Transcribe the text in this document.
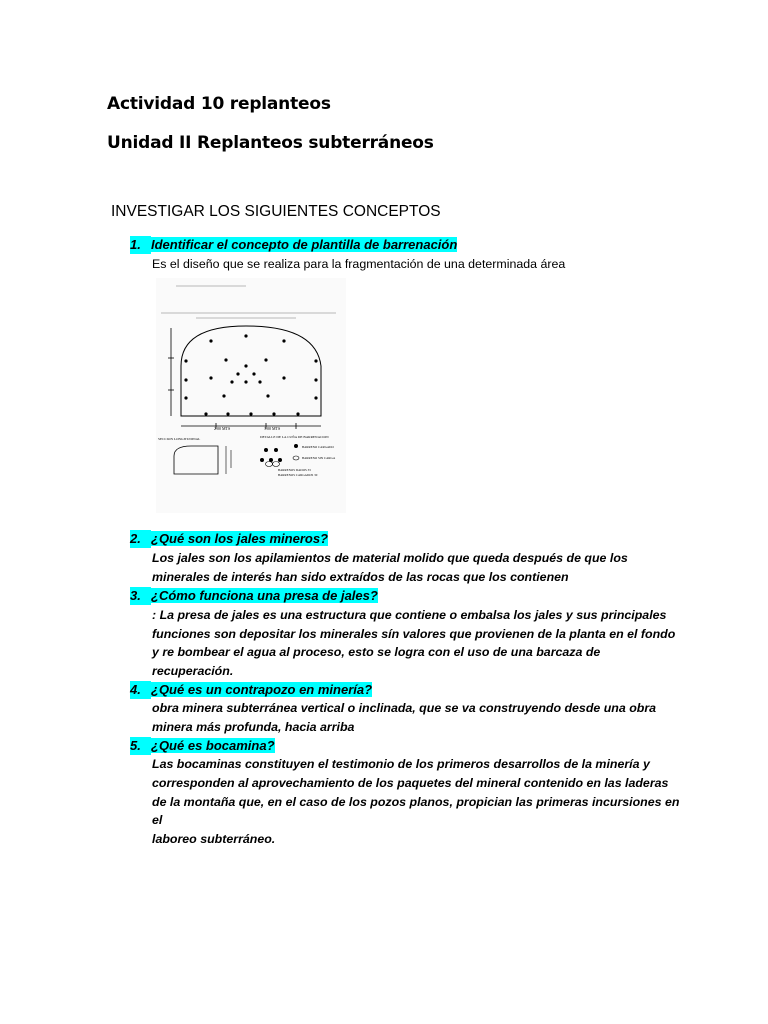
Actividad 10 replanteos
Unidad II Replanteos subterráneos
INVESTIGAR LOS SIGUIENTES CONCEPTOS
1. Identificar el concepto de plantilla de barrenación
Es el diseño que se realiza para la fragmentación de una determinada área
2.00 MTS	1.00 MTS
SECCION LONGITUDINAL	DETALLE DE LA CUÑA DE BARRENACION
BARRENO CARGADO
BARRENO SIN CARGA
BARRENOS DADOS 33
BARRENOS CARGADOS 30
2. ¿Qué son los jales mineros?
Los jales son los apilamientos de material molido que queda después de que los
minerales de interés han sido extraídos de las rocas que los contienen
3. ¿Cómo funciona una presa de jales?
: La presa de jales es una estructura que contiene o embalsa los jales y sus principales
funciones son depositar los minerales sín valores que provienen de la planta en el fondo
y re bombear el agua al proceso, esto se logra con el uso de una barcaza de
recuperación.
4. ¿Qué es un contrapozo en minería?
obra minera subterránea vertical o inclinada, que se va construyendo desde una obra
minera más profunda, hacia arriba
5. ¿Qué es bocamina?
Las bocaminas constituyen el testimonio de los primeros desarrollos de la minería y
corresponden al aprovechamiento de los paquetes del mineral contenido en las laderas
de la montaña que, en el caso de los pozos planos, propician las primeras incursiones en
el
laboreo subterráneo.
